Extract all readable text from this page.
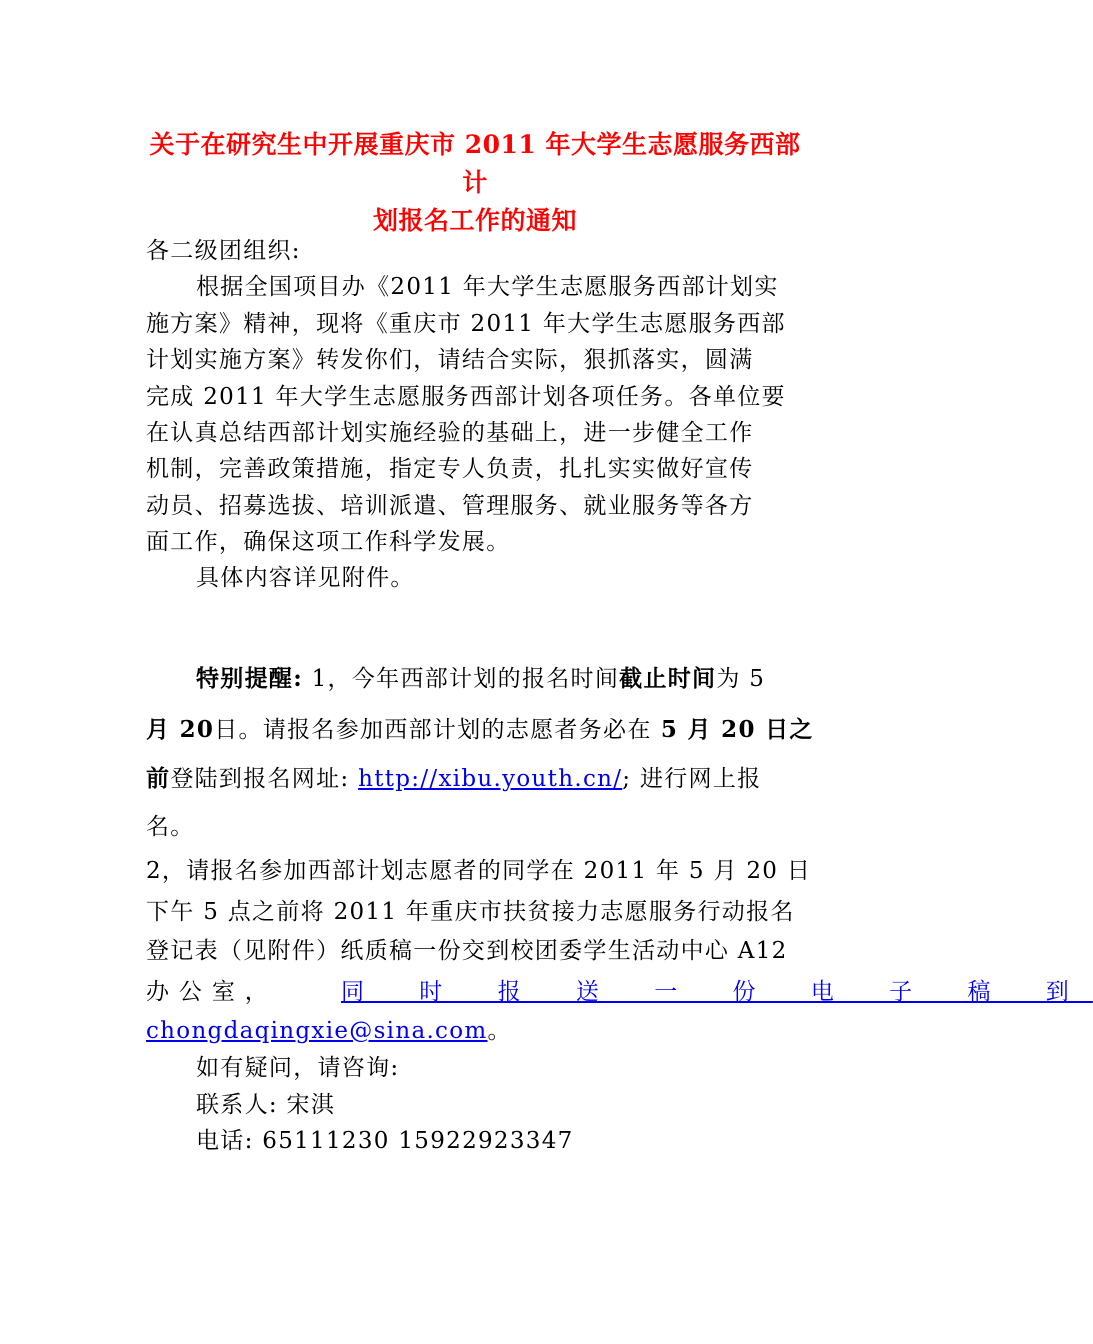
关于在研究生中开展重庆市 2011 年大学生志愿服务西部计
划报名工作的通知
各二级团组织:
根据全国项目办《2011 年大学生志愿服务西部计划实
施方案》精神，现将《重庆市 2011 年大学生志愿服务西部
计划实施方案》转发你们，请结合实际，狠抓落实，圆满
完成 2011 年大学生志愿服务西部计划各项任务。各单位要
在认真总结西部计划实施经验的基础上，进一步健全工作
机制，完善政策措施，指定专人负责，扎扎实实做好宣传
动员、招募选拔、培训派遣、管理服务、就业服务等各方
面工作，确保这项工作科学发展。
具体内容详见附件。
特别提醒: 1，今年西部计划的报名时间截止时间为 5
月 20日。请报名参加西部计划的志愿者务必在 5 月 20 日之
前登陆到报名网址: http://xibu.youth.cn/; 进行网上报
名。
2，请报名参加西部计划志愿者的同学在 2011 年 5 月 20 日
下午 5 点之前将 2011 年重庆市扶贫接力志愿服务行动报名
登记表（见附件）纸质稿一份交到校团委学生活动中心 A12
办 公 室 ，	同 时 报 送 一 份 电 子 稿 到
chongdaqingxie@sina.com。
如有疑问，请咨询:
联系人: 宋淇
电话: 65111230 15922923347
